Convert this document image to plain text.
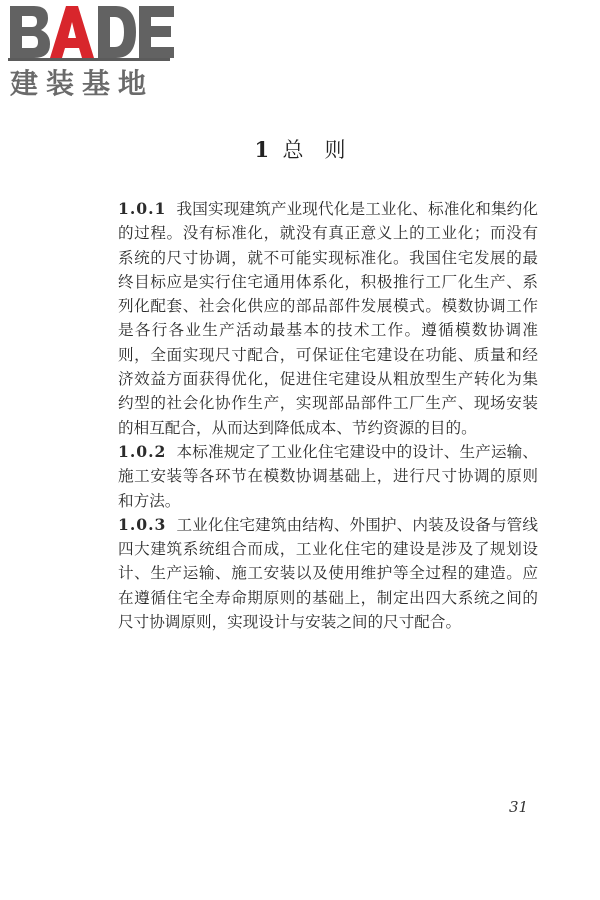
建装基地
1 总　则

1.0.1 我国实现建筑产业现代化是工业化、标准化和集约化的过程。没有标准化，就没有真正意义上的工业化；而没有系统的尺寸协调，就不可能实现标准化。我国住宅发展的最终目标应是实行住宅通用体系化，积极推行工厂化生产、系列化配套、社会化供应的部品部件发展模式。模数协调工作是各行各业生产活动最基本的技术工作。遵循模数协调准则，全面实现尺寸配合，可保证住宅建设在功能、质量和经济效益方面获得优化，促进住宅建设从粗放型生产转化为集约型的社会化协作生产，实现部品部件工厂生产、现场安装的相互配合，从而达到降低成本、节约资源的目的。

1.0.2 本标准规定了工业化住宅建设中的设计、生产运输、施工安装等各环节在模数协调基础上，进行尺寸协调的原则和方法。

1.0.3 工业化住宅建筑由结构、外围护、内装及设备与管线四大建筑系统组合而成，工业化住宅的建设是涉及了规划设计、生产运输、施工安装以及使用维护等全过程的建造。应在遵循住宅全寿命期原则的基础上，制定出四大系统之间的尺寸协调原则，实现设计与安装之间的尺寸配合。

31
